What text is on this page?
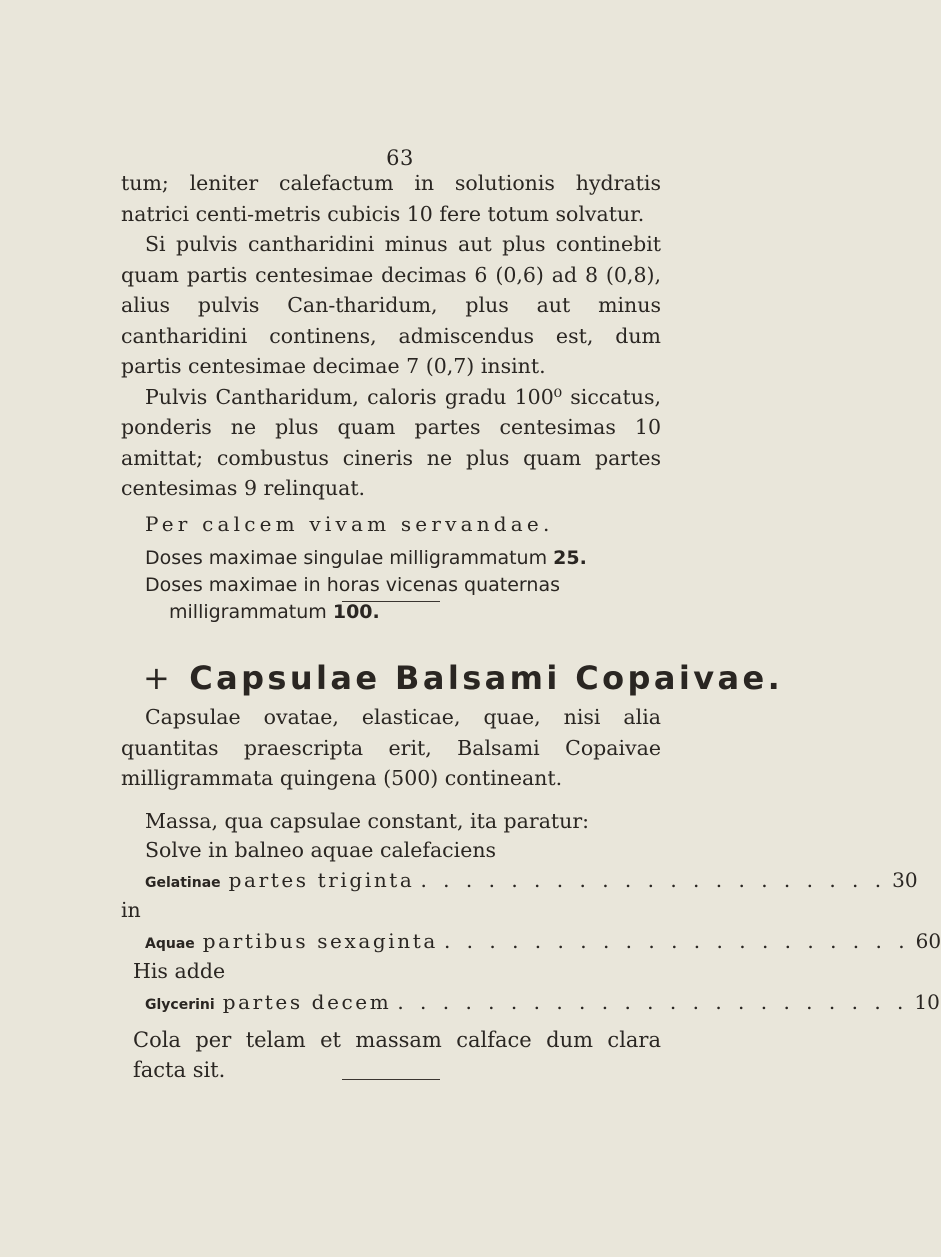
63

tum; leniter calefactum in solutionis hydratis natrici centi-metris cubicis 10 fere totum solvatur.

Si pulvis cantharidini minus aut plus continebit quam partis centesimae decimas 6 (0,6) ad 8 (0,8), alius pulvis Can-tharidum, plus aut minus cantharidini continens, admiscendus est, dum partis centesimae decimae 7 (0,7) insint.

Pulvis Cantharidum, caloris gradu 100⁰ siccatus, ponderis ne plus quam partes centesimas 10 amittat; combustus cineris ne plus quam partes centesimas 9 relinquat.

Per calcem vivam servandae.

Doses maximae singulae milligrammatum 25.

Doses maximae in horas vicenas quaternas

milligrammatum 100.

+ Capsulae Balsami Copaivae.

Capsulae ovatae, elasticae, quae, nisi alia quantitas praescripta erit, Balsami Copaivae milligrammata quingena (500) contineant.

Massa, qua capsulae constant, ita paratur:

Solve in balneo aquae calefaciens

Gelatinae partes triginta . . . . . . . . . . . . . . . . . . . . . 30
in
Aquae partibus sexaginta . . . . . . . . . . . . . . . . . . . . . 60
His adde
Glycerini partes decem . . . . . . . . . . . . . . . . . . . . . . . 10

Cola per telam et massam calface dum clara facta sit.
